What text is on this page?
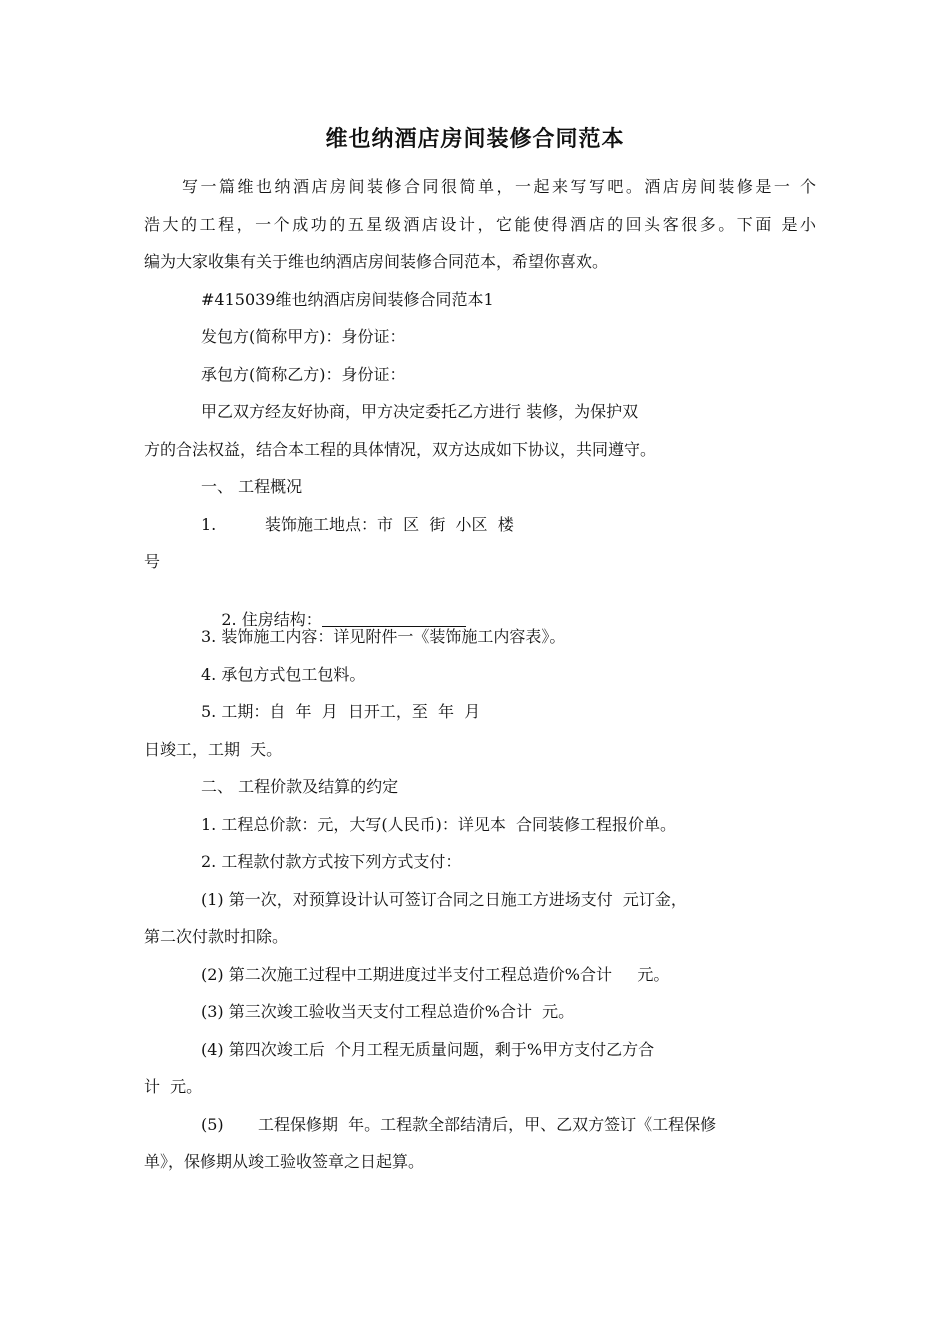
维也纳酒店房间装修合同范本
写一篇维也纳酒店房间装修合同很简单，一起来写写吧。酒店房间装修是一 个
浩大的工程，一个成功的五星级酒店设计，它能使得酒店的回头客很多。下面 是小
编为大家收集有关于维也纳酒店房间装修合同范本，希望你喜欢。
#415039维也纳酒店房间装修合同范本1
发包方(简称甲方)：身份证：
承包方(简称乙方)：身份证：
甲乙双方经友好协商，甲方决定委托乙方进行 装修，为保护双
方的合法权益，结合本工程的具体情况，双方达成如下协议，共同遵守。
一、 工程概况
1.	装饰施工地点：市  区  街  小区  楼
号

2. 住房结构：

3. 装饰施工内容：详见附件一《装饰施工内容表》。
4. 承包方式包工包料。
5. 工期：自  年  月  日开工，至  年  月
日竣工，工期  天。
二、 工程价款及结算的约定
1. 工程总价款：元，大写(人民币)：详见本  合同装修工程报价单。
2. 工程款付款方式按下列方式支付：
(1) 第一次，对预算设计认可签订合同之日施工方进场支付  元订金，
第二次付款时扣除。
(2) 第二次施工过程中工期进度过半支付工程总造价%合计     元。
(3) 第三次竣工验收当天支付工程总造价%合计  元。
(4) 第四次竣工后  个月工程无质量问题，剩于%甲方支付乙方合
计  元。
(5) 工程保修期  年。工程款全部结清后，甲、乙双方签订《工程保修
单》，保修期从竣工验收签章之日起算。
